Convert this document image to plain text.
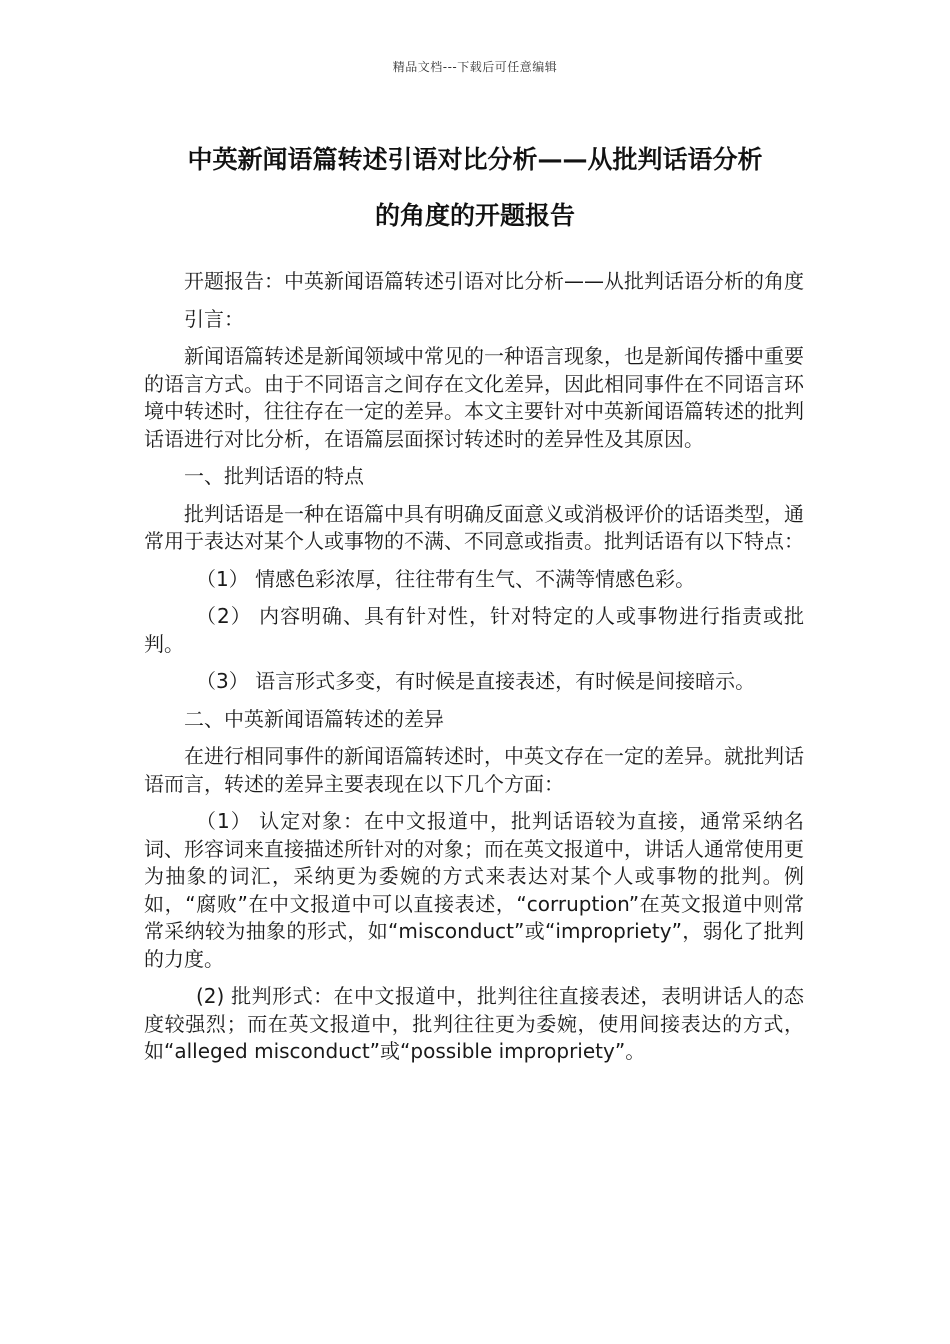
精品文档---下载后可任意编辑
中英新闻语篇转述引语对比分析——从批判话语分析
的角度的开题报告

开题报告：中英新闻语篇转述引语对比分析——从批判话语分析的角度

引言：

新闻语篇转述是新闻领域中常见的一种语言现象，也是新闻传播中重要的语言方式。由于不同语言之间存在文化差异，因此相同事件在不同语言环境中转述时，往往存在一定的差异。本文主要针对中英新闻语篇转述的批判话语进行对比分析，在语篇层面探讨转述时的差异性及其原因。

一、批判话语的特点

批判话语是一种在语篇中具有明确反面意义或消极评价的话语类型，通常用于表达对某个人或事物的不满、不同意或指责。批判话语有以下特点：

（1） 情感色彩浓厚，往往带有生气、不满等情感色彩。

（2） 内容明确、具有针对性，针对特定的人或事物进行指责或批判。

（3） 语言形式多变，有时候是直接表述，有时候是间接暗示。

二、中英新闻语篇转述的差异

在进行相同事件的新闻语篇转述时，中英文存在一定的差异。就批判话语而言，转述的差异主要表现在以下几个方面：

（1） 认定对象：在中文报道中，批判话语较为直接，通常采纳名词、形容词来直接描述所针对的对象；而在英文报道中，讲话人通常使用更为抽象的词汇，采纳更为委婉的方式来表达对某个人或事物的批判。例如，“腐败”在中文报道中可以直接表述，“corruption”在英文报道中则常常采纳较为抽象的形式，如“misconduct”或“impropriety”，弱化了批判的力度。

(2) 批判形式：在中文报道中，批判往往直接表述，表明讲话人的态度较强烈；而在英文报道中，批判往往更为委婉，使用间接表达的方式，如“alleged misconduct”或“possible impropriety”。
